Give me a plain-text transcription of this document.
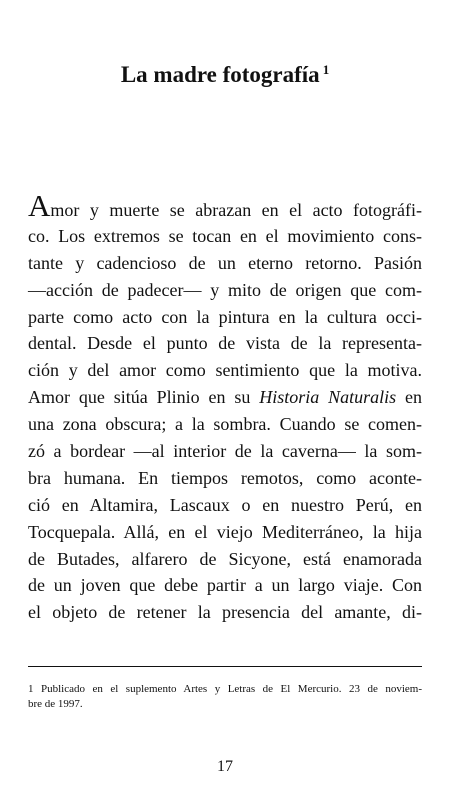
La madre fotografía $^1$
Amor y muerte se abrazan en el acto fotográfi-
co. Los extremos se tocan en el movimiento cons-
tante y cadencioso de un eterno retorno. Pasión
—acción de padecer— y mito de origen que com-
parte como acto con la pintura en la cultura occi-
dental. Desde el punto de vista de la representa-
ción y del amor como sentimiento que la motiva.
Amor que sitúa Plinio en su Historia Naturalis en
una zona obscura; a la sombra. Cuando se comen-
zó a bordear —al interior de la caverna— la som-
bra humana. En tiempos remotos, como aconte-
ció en Altamira, Lascaux o en nuestro Perú, en
Tocquepala. Allá, en el viejo Mediterráneo, la hija
de Butades, alfarero de Sicyone, está enamorada
de un joven que debe partir a un largo viaje. Con
el objeto de retener la presencia del amante, di-
1 Publicado en el suplemento Artes y Letras de El Mercurio. 23 de noviem-
bre de 1997.
17
